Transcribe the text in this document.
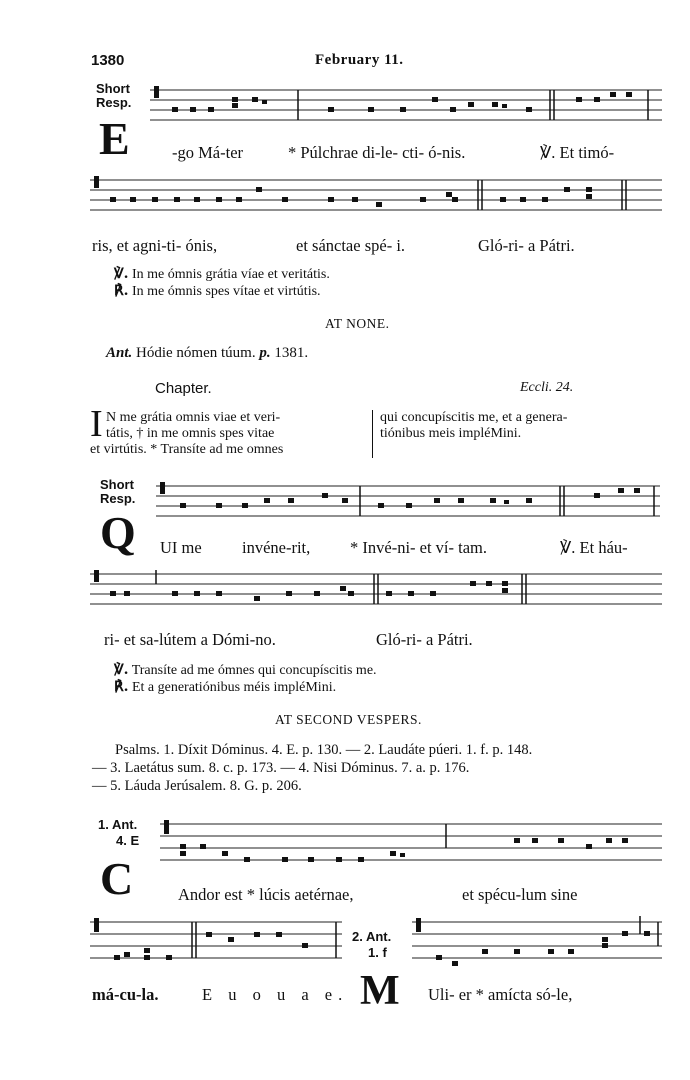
1380	February 11.
Short Resp.
E	-go Má-ter	* Púlchrae di-le- cti- ó-nis.	℣. Et timó-
ris, et agni-ti- ónis,	et sánctae spé- i.	Gló-ri- a Pátri.
℣. In me ómnis grátia víae et veritátis.
℟. In me ómnis spes vítae et virtútis.
AT NONE.
Ant. Hódie nómen túum. p. 1381.
Chapter.	Eccli. 24.
I N me grátia omnis viae et veri-
tátis, † in me omnis spes vitae
et virtútis. * Transíte ad me omnes
qui concupíscitis me, et a genera-
tiónibus meis impléMini.
Short Resp.
Q UI me invéne-rit, * Invé-ni- et ví- tam.	℣. Et háu-
ri- et sa-lútem a Dómi-no.	Gló-ri- a Pátri.
℣. Transíte ad me ómnes qui concupíscitis me.
℟. Et a generatiónibus méis impléMini.
AT SECOND VESPERS.
Psalms. 1. Díxit Dóminus. 4. E. p. 130. — 2. Laudáte púeri. 1. f. p. 148.
— 3. Laetátus sum. 8. c. p. 173. — 4. Nisi Dóminus. 7. a. p. 176.
— 5. Láuda Jerúsalem. 8. G. p. 206.
1. Ant.
4. E
C	Andor est * lúcis aetérnae,	et spécu-lum sine
má-cu-la.	E u o u a e.
2. Ant.
1. f
M Uli- er * amícta só-le,
